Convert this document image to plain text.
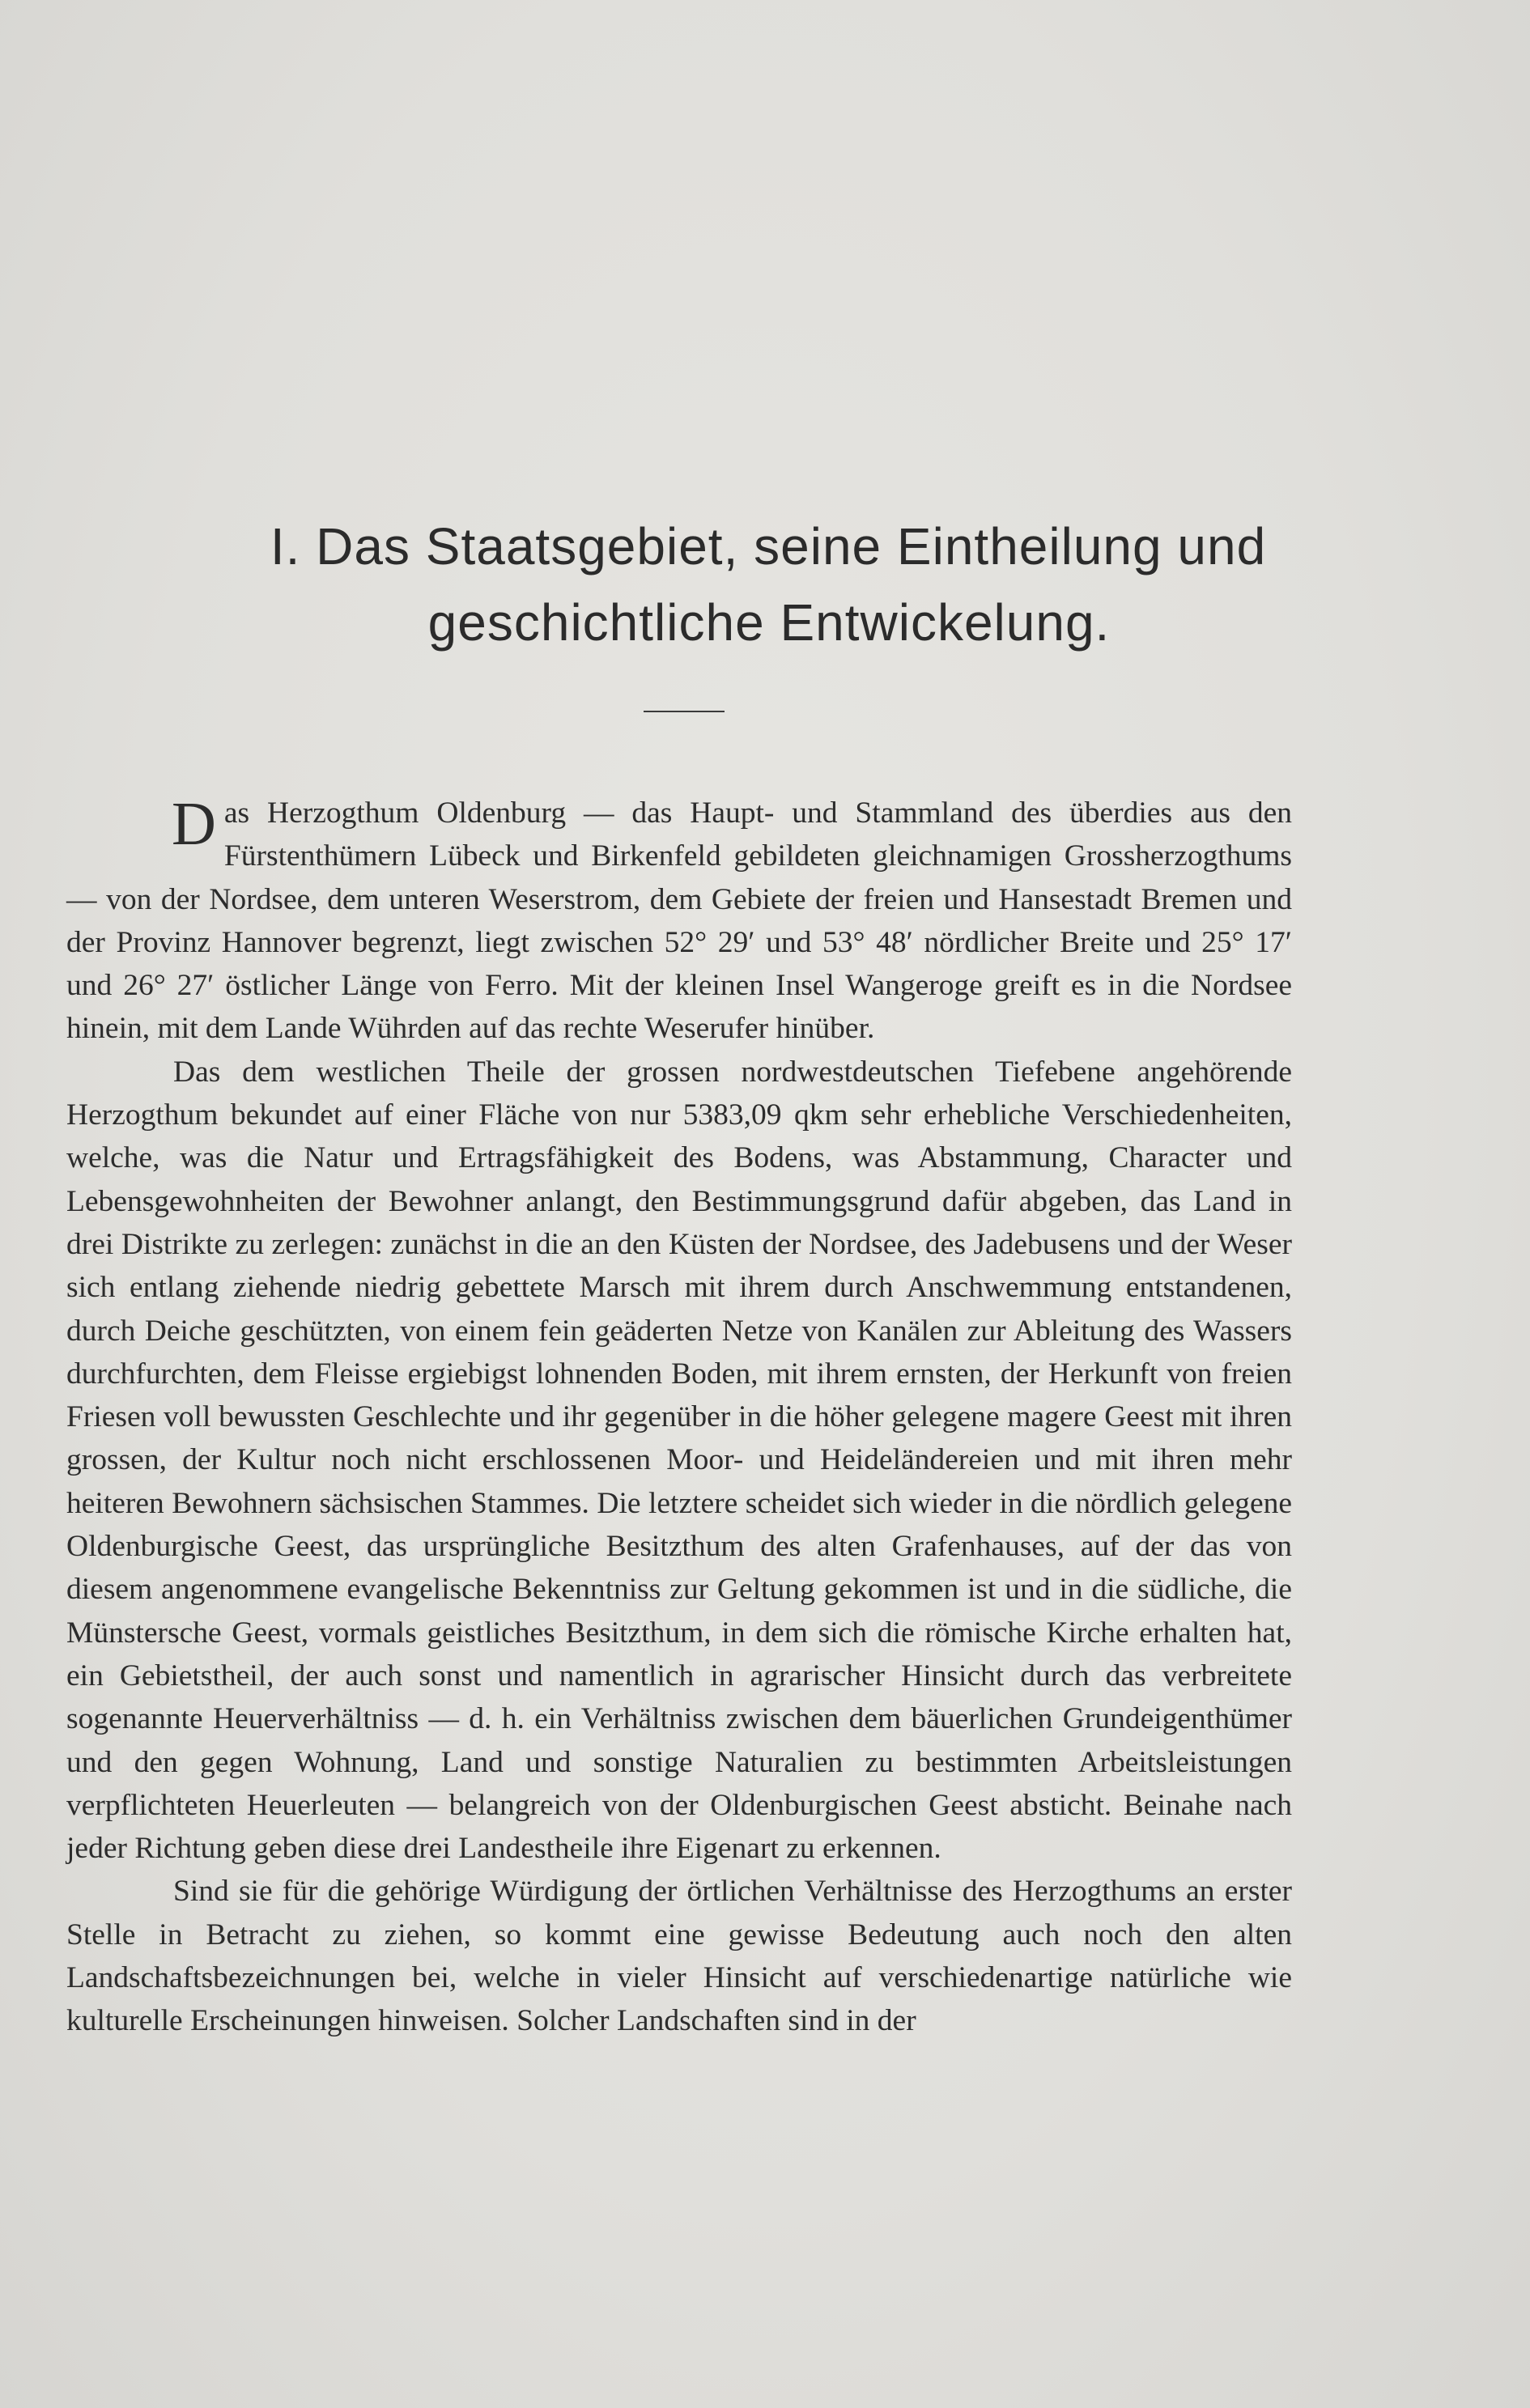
I. Das Staatsgebiet, seine Eintheilung und
geschichtliche Entwickelung.

Das Herzogthum Oldenburg — das Haupt- und Stammland des überdies aus den Fürstenthümern Lübeck und Birkenfeld gebildeten gleichnamigen Grossherzogthums — von der Nordsee, dem unteren Weserstrom, dem Gebiete der freien und Hansestadt Bremen und der Provinz Hannover begrenzt, liegt zwischen 52° 29′ und 53° 48′ nördlicher Breite und 25° 17′ und 26° 27′ östlicher Länge von Ferro. Mit der kleinen Insel Wangeroge greift es in die Nordsee hinein, mit dem Lande Wührden auf das rechte Weserufer hinüber.

Das dem westlichen Theile der grossen nordwestdeutschen Tiefebene angehörende Herzogthum bekundet auf einer Fläche von nur 5383,09 qkm sehr erhebliche Verschiedenheiten, welche, was die Natur und Ertragsfähigkeit des Bodens, was Abstammung, Character und Lebensgewohnheiten der Bewohner anlangt, den Bestimmungsgrund dafür abgeben, das Land in drei Distrikte zu zerlegen: zunächst in die an den Küsten der Nordsee, des Jadebusens und der Weser sich entlang ziehende niedrig gebettete Marsch mit ihrem durch Anschwemmung entstandenen, durch Deiche geschützten, von einem fein geäderten Netze von Kanälen zur Ableitung des Wassers durchfurchten, dem Fleisse ergiebigst lohnenden Boden, mit ihrem ernsten, der Herkunft von freien Friesen voll bewussten Geschlechte und ihr gegenüber in die höher gelegene magere Geest mit ihren grossen, der Kultur noch nicht erschlossenen Moor- und Heideländereien und mit ihren mehr heiteren Bewohnern sächsischen Stammes. Die letztere scheidet sich wieder in die nördlich gelegene Oldenburgische Geest, das ursprüngliche Besitzthum des alten Grafenhauses, auf der das von diesem angenommene evangelische Bekenntniss zur Geltung gekommen ist und in die südliche, die Münstersche Geest, vormals geistliches Besitzthum, in dem sich die römische Kirche erhalten hat, ein Gebietstheil, der auch sonst und namentlich in agrarischer Hinsicht durch das verbreitete sogenannte Heuerverhältniss — d. h. ein Verhältniss zwischen dem bäuerlichen Grundeigenthümer und den gegen Wohnung, Land und sonstige Naturalien zu bestimmten Arbeitsleistungen verpflichteten Heuerleuten — belangreich von der Oldenburgischen Geest absticht. Beinahe nach jeder Richtung geben diese drei Landestheile ihre Eigenart zu erkennen.

Sind sie für die gehörige Würdigung der örtlichen Verhältnisse des Herzogthums an erster Stelle in Betracht zu ziehen, so kommt eine gewisse Bedeutung auch noch den alten Landschaftsbezeichnungen bei, welche in vieler Hinsicht auf verschiedenartige natürliche wie kulturelle Erscheinungen hinweisen. Solcher Landschaften sind in der
